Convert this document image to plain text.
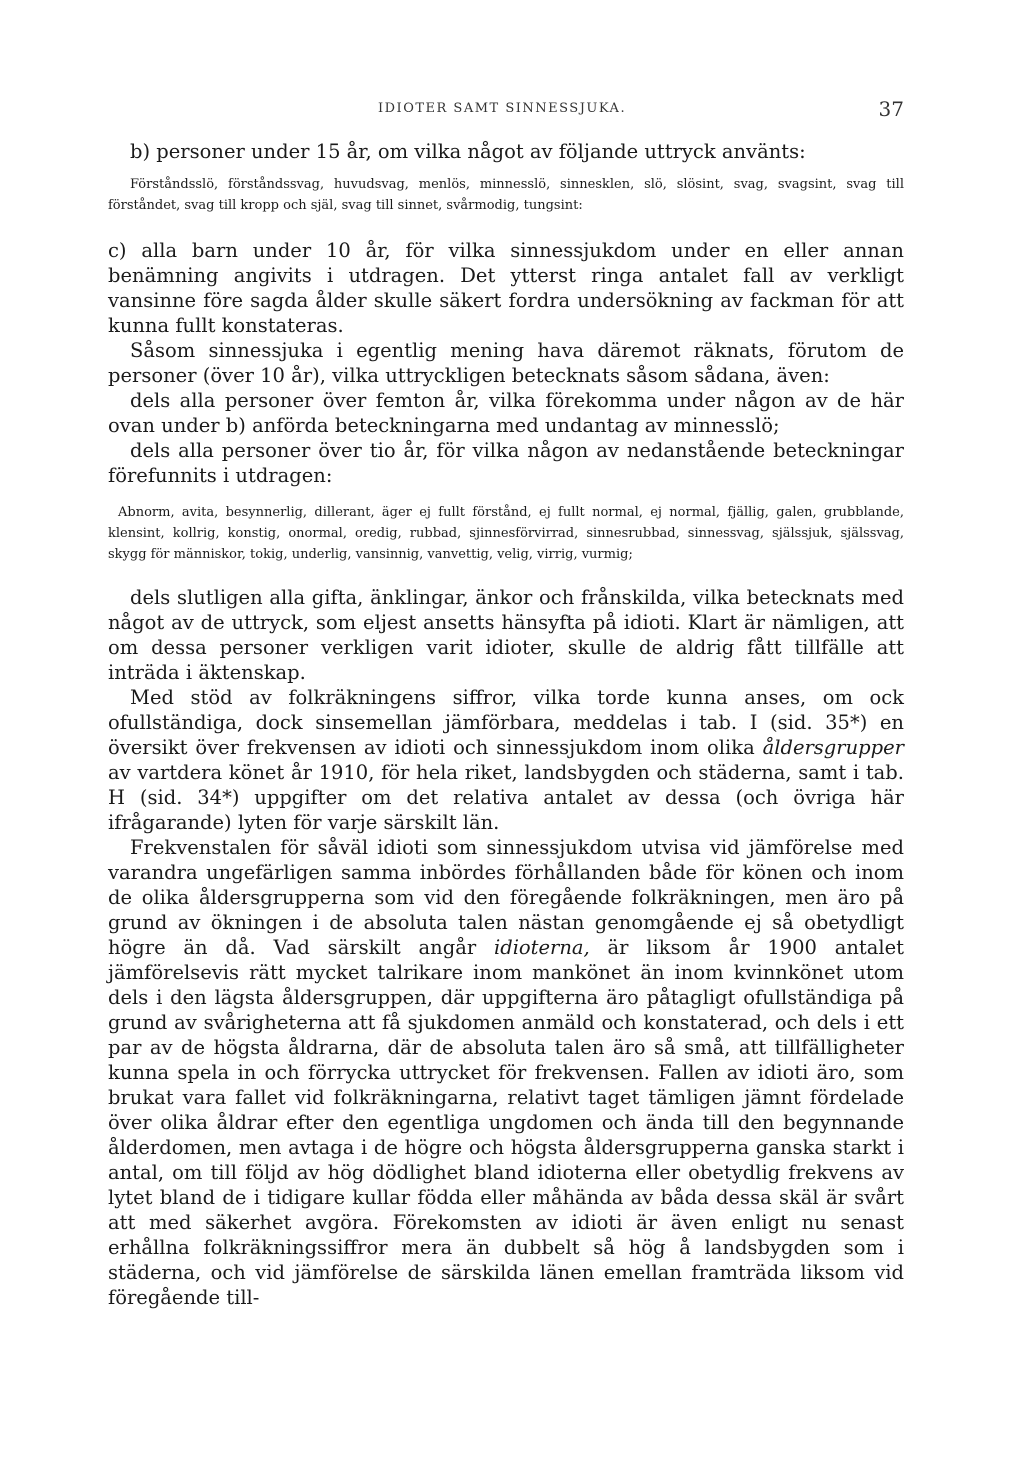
IDIOTER SAMT SINNESSJUKA.	37

b) personer under 15 år, om vilka något av följande uttryck använts:

Förståndsslö, förståndssvag, huvudsvag, menlös, minnesslö, sinnesklen, slö, slösint, svag, svagsint, svag till förståndet, svag till kropp och själ, svag till sinnet, svårmodig, tungsint:

c) alla barn under 10 år, för vilka sinnessjukdom under en eller annan benämning angivits i utdragen. Det ytterst ringa antalet fall av verkligt vansinne före sagda ålder skulle säkert fordra undersökning av fackman för att kunna fullt konstateras.

Såsom sinnessjuka i egentlig mening hava däremot räknats, förutom de personer (över 10 år), vilka uttryckligen betecknats såsom sådana, även:

dels alla personer över femton år, vilka förekomma under någon av de här ovan under b) anförda beteckningarna med undantag av minnesslö;

dels alla personer över tio år, för vilka någon av nedanstående beteckningar förefunnits i utdragen:

Abnorm, avita, besynnerlig, dillerant, äger ej fullt förstånd, ej fullt normal, ej normal, fjällig, galen, grubblande, klensint, kollrig, konstig, onormal, oredig, rubbad, sjinnesförvirrad, sinnesrubbad, sinnessvag, själssjuk, själssvag, skygg för människor, tokig, underlig, vansinnig, vanvettig, velig, virrig, vurmig;

dels slutligen alla gifta, änklingar, änkor och frånskilda, vilka betecknats med något av de uttryck, som eljest ansetts hänsyfta på idioti. Klart är nämligen, att om dessa personer verkligen varit idioter, skulle de aldrig fått tillfälle att inträda i äktenskap.

Med stöd av folkräkningens siffror, vilka torde kunna anses, om ock ofullständiga, dock sinsemellan jämförbara, meddelas i tab. I (sid. 35*) en översikt över frekvensen av idioti och sinnessjukdom inom olika åldersgrupper av vartdera könet år 1910, för hela riket, landsbygden och städerna, samt i tab. H (sid. 34*) uppgifter om det relativa antalet av dessa (och övriga här ifrågarande) lyten för varje särskilt län.

Frekvenstalen för såväl idioti som sinnessjukdom utvisa vid jämförelse med varandra ungefärligen samma inbördes förhållanden både för könen och inom de olika åldersgrupperna som vid den föregående folkräkningen, men äro på grund av ökningen i de absoluta talen nästan genomgående ej så obetydligt högre än då. Vad särskilt angår idioterna, är liksom år 1900 antalet jämförelsevis rätt mycket talrikare inom mankönet än inom kvinnkönet utom dels i den lägsta åldersgruppen, där uppgifterna äro påtagligt ofullständiga på grund av svårigheterna att få sjukdomen anmäld och konstaterad, och dels i ett par av de högsta åldrarna, där de absoluta talen äro så små, att tillfälligheter kunna spela in och förrycka uttrycket för frekvensen. Fallen av idioti äro, som brukat vara fallet vid folkräkningarna, relativt taget tämligen jämnt fördelade över olika åldrar efter den egentliga ungdomen och ända till den begynnande ålderdomen, men avtaga i de högre och högsta åldersgrupperna ganska starkt i antal, om till följd av hög dödlighet bland idioterna eller obetydlig frekvens av lytet bland de i tidigare kullar födda eller måhända av båda dessa skäl är svårt att med säkerhet avgöra. Förekomsten av idioti är även enligt nu senast erhållna folkräkningssiffror mera än dubbelt så hög å landsbygden som i städerna, och vid jämförelse de särskilda länen emellan framträda liksom vid föregående till-
